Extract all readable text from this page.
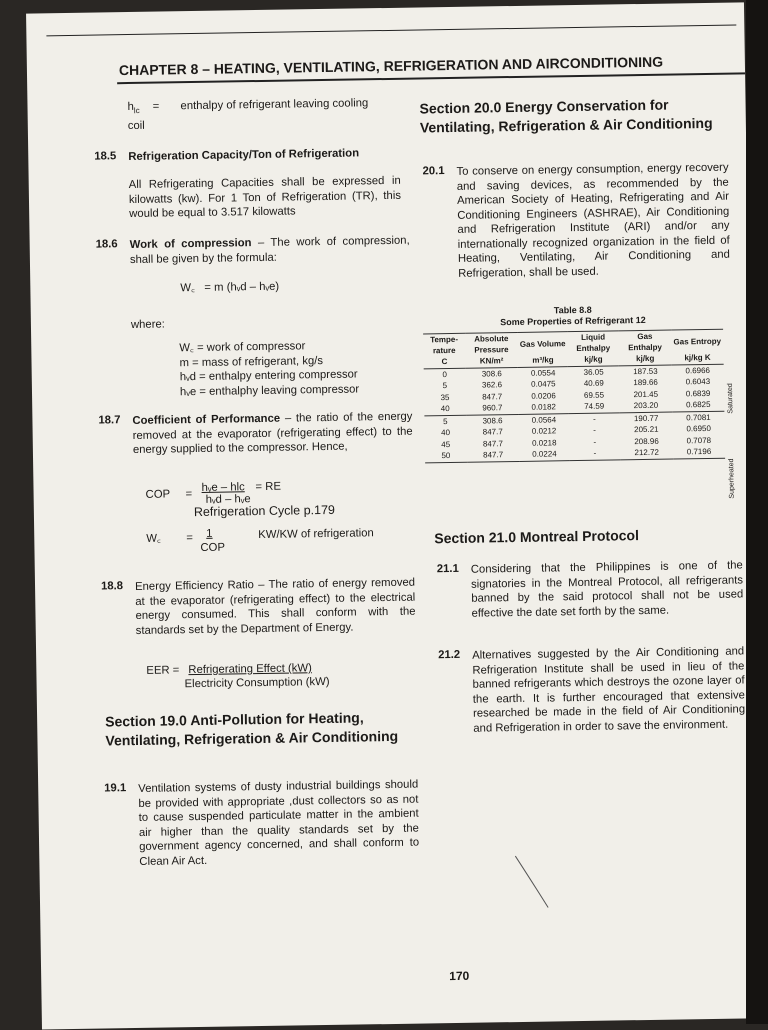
CHAPTER 8 – HEATING, VENTILATING, REFRIGERATION AND AIRCONDITIONING
$h_{lc}$ = enthalpy of refrigerant leaving cooling
coil
18.5 Refrigeration Capacity/Ton of Refrigeration
All Refrigerating Capacities shall be expressed in kilowatts (kw). For 1 Ton of Refrigeration (TR), this would be equal to 3.517 kilowatts
18.6 Work of compression – The work of compression, shall be given by the formula:
W꜀   = m (hᵥd – hᵥe)
where:
W꜀ = work of compressor
m = mass of refrigerant, kg/s
hᵥd = enthalpy entering compressor
hᵥe = enthalphy leaving compressor
18.7 Coefficient of Performance – the ratio of the energy removed at the evaporator (refrigerating effect) to the energy supplied to the compressor. Hence,
COP =
hᵥe – hlc = RE
hᵥd – hᵥe
Refrigeration Cycle p.179
W꜀ = 1
COP
KW/KW of refrigeration
18.8 Energy Efficiency Ratio – The ratio of energy removed at the evaporator (refrigerating effect) to the electrical energy consumed. This shall conform with the standards set by the Department of Energy.
EER = Refrigerating Effect (kW)
Electricity Consumption (kW)
Section 19.0 Anti-Pollution for Heating, Ventilating, Refrigeration & Air Conditioning
19.1 Ventilation systems of dusty industrial buildings should be provided with appropriate ,dust collectors so as not to cause suspended particulate matter in the ambient air higher than the quality standards set by the government agency concerned, and shall conform to Clean Air Act.
Section 20.0 Energy Conservation for Ventilating, Refrigeration & Air Conditioning
20.1 To conserve on energy consumption, energy recovery and saving devices, as recommended by the American Society of Heating, Refrigerating and Air Conditioning Engineers (ASHRAE), Air Conditioning and Refrigeration Institute (ARI) and/or any internationally recognized organization in the field of Heating, Ventilating, Air Conditioning and Refrigeration, shall be used.
Table 8.8
Some Properties of Refrigerant 12
Tempe-rature	Absolute Pressure	Gas Volume	Liquid Enthalpy	Gas Enthalpy	Gas Entropy
C	KN/m²	m³/kg	kj/kg	kj/kg	kj/kg K
0	308.6	0.0554	36.05	187.53	0.6966
5	362.6	0.0475	40.69	189.66	0.6043
35	847.7	0.0206	69.55	201.45	0.6839
40	960.7	0.0182	74.59	203.20	0.6825
5	308.6	0.0564	-	190.77	0.7081
40	847.7	0.0212	-	205.21	0.6950
45	847.7	0.0218	-	208.96	0.7078
50	847.7	0.0224	-	212.72	0.7196
Saturated
Superheated
Section 21.0 Montreal Protocol
21.1 Considering that the Philippines is one of the signatories in the Montreal Protocol, all refrigerants banned by the said protocol shall not be used effective the date set forth by the same.
21.2 Alternatives suggested by the Air Conditioning and Refrigeration Institute shall be used in lieu of the banned refrigerants which destroys the ozone layer of the earth. It is further encouraged that extensive researched be made in the field of Air Conditioning and Refrigeration in order to save the environment.
170
